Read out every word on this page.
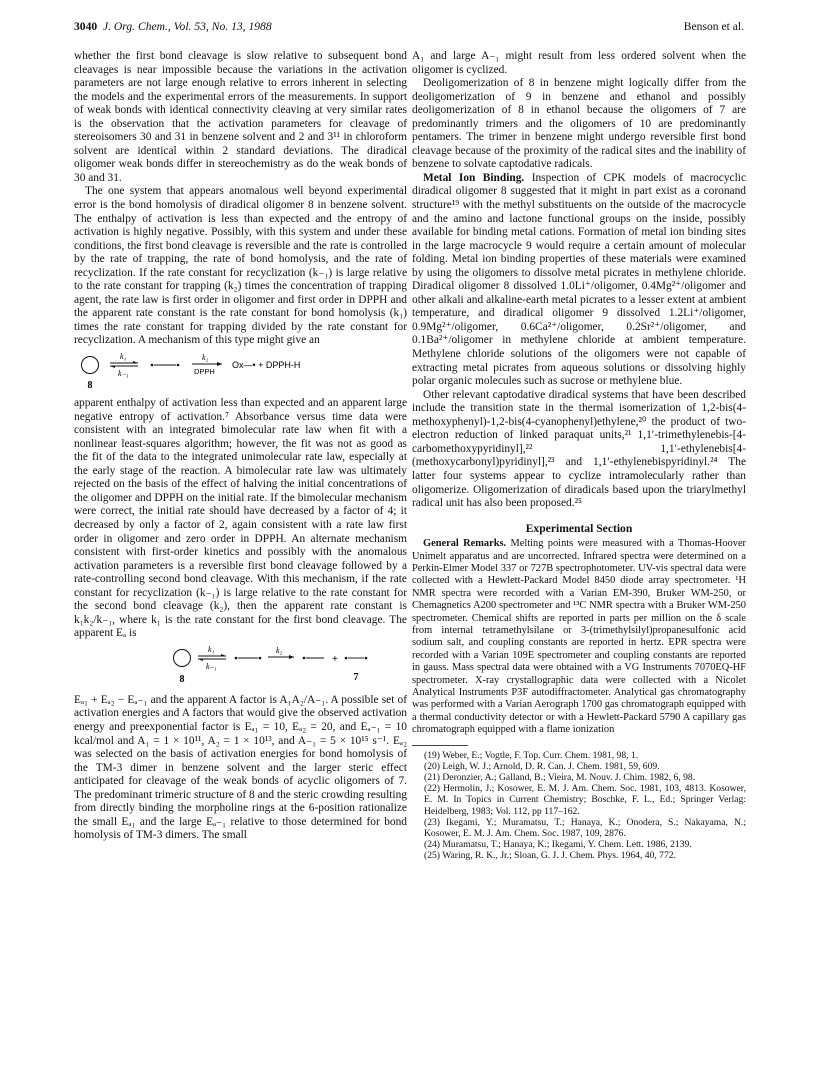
3040 J. Org. Chem., Vol. 53, No. 13, 1988	Benson et al.

whether the first bond cleavage is slow relative to subsequent bond cleavages is near impossible because the variations in the activation parameters are not large enough relative to errors inherent in selecting the models and the experimental errors of the measurements. In support of weak bonds with identical connectivity cleaving at very similar rates is the observation that the activation parameters for cleavage of stereoisomers 30 and 31 in benzene solvent and 2 and 3¹¹ in chloroform solvent are identical within 2 standard deviations. The diradical oligomer weak bonds differ in stereochemistry as do the weak bonds of 30 and 31.

The one system that appears anomalous well beyond experimental error is the bond homolysis of diradical oligomer 8 in benzene solvent. The enthalpy of activation is less than expected and the entropy of activation is highly negative. Possibly, with this system and under these conditions, the first bond cleavage is reversible and the rate is controlled by the rate of trapping, the rate of bond homolysis, and the rate of recyclization. If the rate constant for recyclization (k₋₁) is large relative to the rate constant for trapping (k₂) times the concentration of trapping agent, the rate law is first order in oligomer and first order in DPPH and the apparent rate constant is the rate constant for bond homolysis (k₁) times the rate constant for trapping divided by the rate constant for recyclization. A mechanism of this type might give an

8
k₁
k₋₁
k₂
DPPH
Ox—• + DPPH-H

apparent enthalpy of activation less than expected and an apparent large negative entropy of activation.⁷ Absorbance versus time data were consistent with an integrated bimolecular rate law when fit with a nonlinear least-squares algorithm; however, the fit was not as good as the fit of the data to the integrated unimolecular rate law, especially at the early stage of the reaction. A bimolecular rate law was ultimately rejected on the basis of the effect of halving the initial concentrations of the oligomer and DPPH on the initial rate. If the bimolecular mechanism were correct, the initial rate should have decreased by a factor of 4; it decreased by only a factor of 2, again consistent with a rate law first order in oligomer and zero order in DPPH. An alternate mechanism consistent with first-order kinetics and possibly with the anomalous activation parameters is a reversible first bond cleavage followed by a rate-controlling second bond cleavage. With this mechanism, if the rate constant for recyclization (k₋₁) is large relative to the rate constant for the second bond cleavage (k₂), then the apparent rate constant is k₁k₂/k₋₁, where k₁ is the rate constant for the first bond cleavage. The apparent Eₐ is

8
k₁
k₋₁
k₂
+
7

Eₐ₁ + Eₐ₂ − Eₐ₋₁ and the apparent A factor is A₁A₂/A₋₁. A possible set of activation energies and A factors that would give the observed activation energy and preexponential factor is Eₐ₁ = 10, Eₐ₂ = 20, and Eₐ₋₁ = 10 kcal/mol and A₁ = 1 × 10¹¹, A₂ = 1 × 10¹³, and A₋₁ = 5 × 10¹⁵ s⁻¹. Eₐ₂ was selected on the basis of activation energies for bond homolysis of the TM-3 dimer in benzene solvent and the larger steric effect anticipated for cleavage of the weak bonds of acyclic oligomers of 7. The predominant trimeric structure of 8 and the steric crowding resulting from directly binding the morpholine rings at the 6-position rationalize the small Eₐ₁ and the large Eₐ₋₁ relative to those determined for bond homolysis of TM-3 dimers. The small

A₁ and large A₋₁ might result from less ordered solvent when the oligomer is cyclized.

Deoligomerization of 8 in benzene might logically differ from the deoligomerization of 9 in benzene and ethanol and possibly deoligomerization of 8 in ethanol because the oligomers of 7 are predominantly trimers and the oligomers of 10 are predominantly pentamers. The trimer in benzene might undergo reversible first bond cleavage because of the proximity of the radical sites and the inability of benzene to solvate captodative radicals.

Metal Ion Binding. Inspection of CPK models of macrocyclic diradical oligomer 8 suggested that it might in part exist as a coronand structure¹⁹ with the methyl substituents on the outside of the macrocycle and the amino and lactone functional groups on the inside, possibly available for binding metal cations. Formation of metal ion binding sites in the large macrocycle 9 would require a certain amount of molecular folding. Metal ion binding properties of these materials were examined by using the oligomers to dissolve metal picrates in methylene chloride. Diradical oligomer 8 dissolved 1.0Li⁺/oligomer, 0.4Mg²⁺/oligomer and other alkali and alkaline-earth metal picrates to a lesser extent at ambient temperature, and diradical oligomer 9 dissolved 1.2Li⁺/oligomer, 0.9Mg²⁺/oligomer, 0.6Ca²⁺/oligomer, 0.2Sr²⁺/oligomer, and 0.1Ba²⁺/oligomer in methylene chloride at ambient temperature. Methylene chloride solutions of the oligomers were not capable of extracting metal picrates from aqueous solutions or dissolving highly polar organic molecules such as sucrose or methylene blue.

Other relevant captodative diradical systems that have been described include the transition state in the thermal isomerization of 1,2-bis(4-methoxyphenyl)-1,2-bis(4-cyanophenyl)ethylene,²⁰ the product of two-electron reduction of linked paraquat units,²¹ 1,1′-trimethylenebis-[4-carbomethoxypyridinyl],²² 1,1′-ethylenebis[4-(methoxycarbonyl)pyridinyl],²³ and 1,1′-ethylenebispyridinyl.²⁴ The latter four systems appear to cyclize intramolecularly rather than oligomerize. Oligomerization of diradicals based upon the triarylmethyl radical unit has also been proposed.²⁵

Experimental Section

General Remarks. Melting points were measured with a Thomas-Hoover Unimelt apparatus and are uncorrected. Infrared spectra were determined on a Perkin-Elmer Model 337 or 727B spectrophotometer. UV-vis spectral data were collected with a Hewlett-Packard Model 8450 diode array spectrometer. ¹H NMR spectra were recorded with a Varian EM-390, Bruker WM-250, or Chemagnetics A200 spectrometer and ¹³C NMR spectra with a Bruker WM-250 spectrometer. Chemical shifts are reported in parts per million on the δ scale from internal tetramethylsilane or 3-(trimethylsilyl)propanesulfonic acid sodium salt, and coupling constants are reported in hertz. EPR spectra were recorded with a Varian 109E spectrometer and coupling constants are reported in gauss. Mass spectral data were obtained with a VG Instruments 7070EQ-HF spectrometer. X-ray crystallographic data were collected with a Nicolet Analytical Instruments P3F autodiffractometer. Analytical gas chromatography was performed with a Varian Aerograph 1700 gas chromatograph equipped with a thermal conductivity detector or with a Hewlett-Packard 5790 A capillary gas chromatograph equipped with a flame ionization

(19) Weber, E.; Vogtle, F. Top. Curr. Chem. 1981, 98, 1.
(20) Leigh, W. J.; Arnold, D. R. Can. J. Chem. 1981, 59, 609.
(21) Deronzier, A.; Galland, B.; Vieira, M. Nouv. J. Chim. 1982, 6, 98.
(22) Hermolin, J.; Kosower, E. M. J. Am. Chem. Soc. 1981, 103, 4813. Kosower, E. M. In Topics in Current Chemistry; Boschke, F. L., Ed.; Springer Verlag: Heidelberg, 1983; Vol. 112, pp 117–162.
(23) Ikegami, Y.; Muramatsu, T.; Hanaya, K.; Onodera, S.; Nakayama, N.; Kosower, E. M. J. Am. Chem. Soc. 1987, 109, 2876.
(24) Muramatsu, T.; Hanaya, K.; Ikegami, Y. Chem. Lett. 1986, 2139.
(25) Waring, R. K., Jr.; Sloan, G. J. J. Chem. Phys. 1964, 40, 772.
